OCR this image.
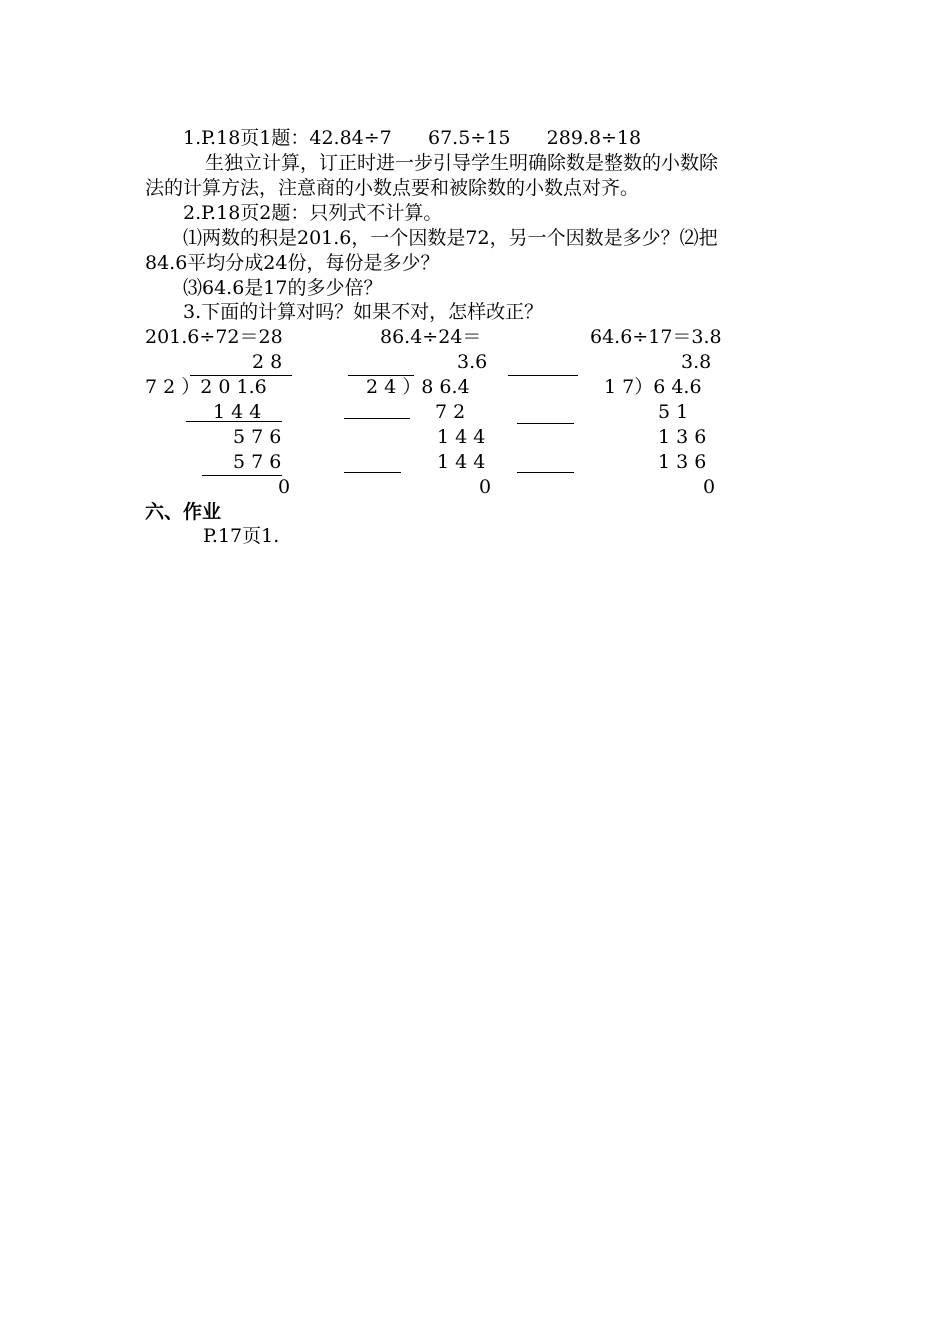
1.P.18页1题：42.84÷7      67.5÷15      289.8÷18
生独立计算，订正时进一步引导学生明确除数是整数的小数除
法的计算方法，注意商的小数点要和被除数的小数点对齐。
2.P.18页2题：只列式不计算。
⑴两数的积是201.6，一个因数是72，另一个因数是多少？⑵把
84.6平均分成24份，每份是多少？
⑶64.6是17的多少倍？
3.下面的计算对吗？如果不对，怎样改正？
201.6÷72＝28
2 8
7 2 ）2 0 1.6
1 4 4
5 7 6
5 7 6
0
86.4÷24＝
3.6
2 4 ）8 6.4
7 2
1 4 4
1 4 4
0
64.6÷17＝3.8
3.8
1 7）6 4.6
5 1
1 3 6
1 3 6
0
六、作业
P.17页1.
